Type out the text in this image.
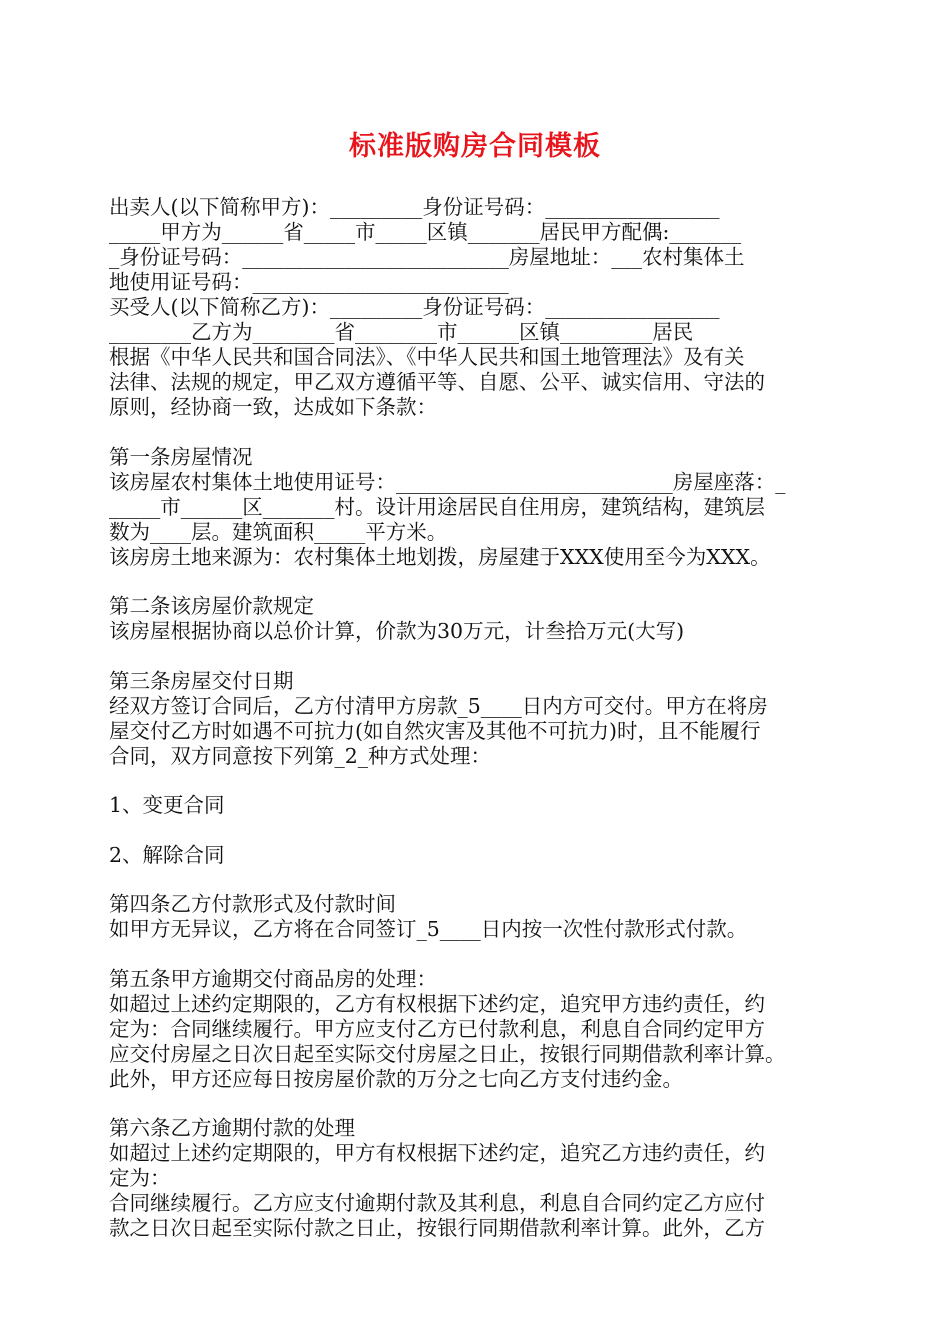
标准版购房合同模板
出卖人(以下简称甲方)：_________身份证号码：_________________
_____甲方为______省_____市_____区镇_______居民甲方配偶:_______
_身份证号码：__________________________房屋地址：___农村集体土
地使用证号码：_________________________
买受人(以下简称乙方)：_________身份证号码：_________________
________乙方为________省________市______区镇_________居民
根据《中华人民共和国合同法》、《中华人民共和国土地管理法》及有关
法律、法规的规定，甲乙双方遵循平等、自愿、公平、诚实信用、守法的
原则，经协商一致，达成如下条款：
第一条房屋情况
该房屋农村集体土地使用证号：___________________________房屋座落：_
_____市______区_______村。设计用途居民自住用房，建筑结构，建筑层
数为____层。建筑面积_____平方米。
该房房土地来源为：农村集体土地划拨，房屋建于XXX使用至今为XXX。
第二条该房屋价款规定
该房屋根据协商以总价计算，价款为30万元，计叁拾万元(大写)
第三条房屋交付日期
经双方签订合同后，乙方付清甲方房款_5____日内方可交付。甲方在将房
屋交付乙方时如遇不可抗力(如自然灾害及其他不可抗力)时，且不能履行
合同，双方同意按下列第_2_种方式处理：
1、变更合同
2、解除合同
第四条乙方付款形式及付款时间
如甲方无异议，乙方将在合同签订_5____日内按一次性付款形式付款。
第五条甲方逾期交付商品房的处理：
如超过上述约定期限的，乙方有权根据下述约定，追究甲方违约责任，约
定为：合同继续履行。甲方应支付乙方已付款利息，利息自合同约定甲方
应交付房屋之日次日起至实际交付房屋之日止，按银行同期借款利率计算。
此外，甲方还应每日按房屋价款的万分之七向乙方支付违约金。
第六条乙方逾期付款的处理
如超过上述约定期限的，甲方有权根据下述约定，追究乙方违约责任，约
定为：
合同继续履行。乙方应支付逾期付款及其利息，利息自合同约定乙方应付
款之日次日起至实际付款之日止，按银行同期借款利率计算。此外，乙方
